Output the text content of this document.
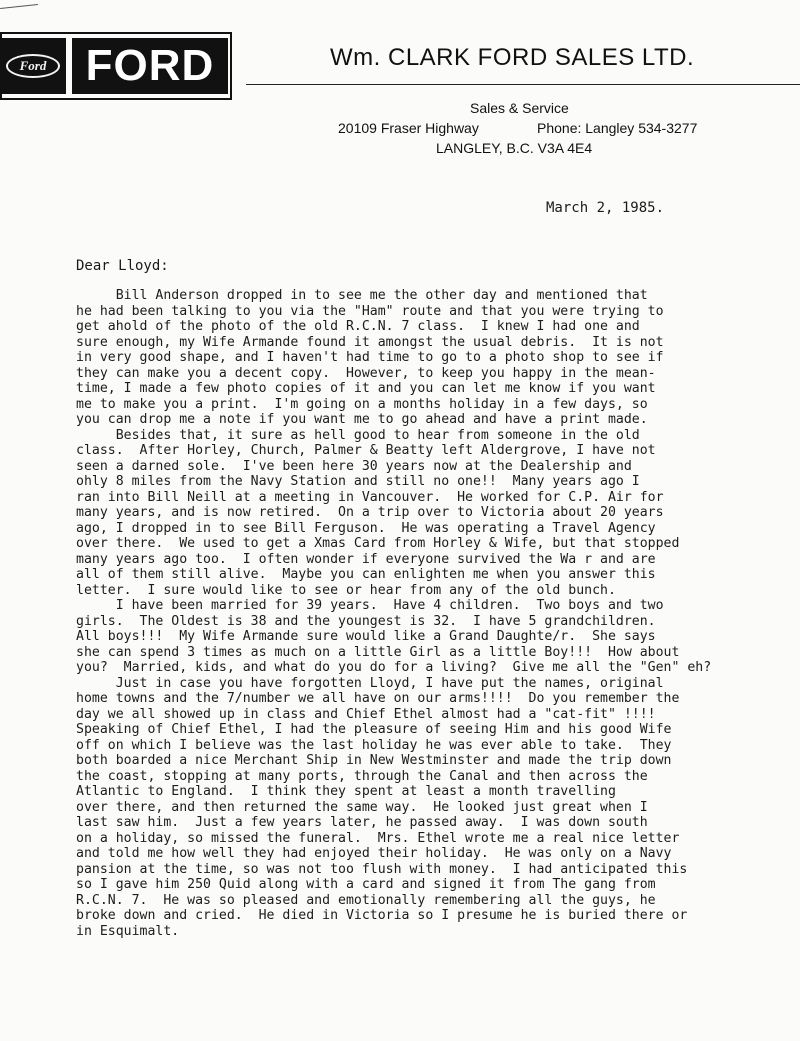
Ford FORD	Wm. CLARK FORD SALES LTD.
Sales & Service
20109 Fraser Highway	Phone: Langley 534-3277
LANGLEY, B.C. V3A 4E4
March 2, 1985.
Dear Lloyd:
Bill Anderson dropped in to see me the other day and mentioned that
he had been talking to you via the "Ham" route and that you were trying to
get ahold of the photo of the old R.C.N. 7 class.  I knew I had one and
sure enough, my Wife Armande found it amongst the usual debris.  It is not
in very good shape, and I haven't had time to go to a photo shop to see if
they can make you a decent copy.  However, to keep you happy in the mean-
time, I made a few photo copies of it and you can let me know if you want
me to make you a print.  I'm going on a months holiday in a few days, so
you can drop me a note if you want me to go ahead and have a print made.
Besides that, it sure as hell good to hear from someone in the old
class.  After Horley, Church, Palmer & Beatty left Aldergrove, I have not
seen a darned sole.  I've been here 30 years now at the Dealership and
ohly 8 miles from the Navy Station and still no one!!  Many years ago I
ran into Bill Neill at a meeting in Vancouver.  He worked for C.P. Air for
many years, and is now retired.  On a trip over to Victoria about 20 years
ago, I dropped in to see Bill Ferguson.  He was operating a Travel Agency
over there.  We used to get a Xmas Card from Horley & Wife, but that stopped
many years ago too.  I often wonder if everyone survived the Wa r and are
all of them still alive.  Maybe you can enlighten me when you answer this
letter.  I sure would like to see or hear from any of the old bunch.
I have been married for 39 years.  Have 4 children.  Two boys and two
girls.  The Oldest is 38 and the youngest is 32.  I have 5 grandchildren.
All boys!!!  My Wife Armande sure would like a Grand Daughte/r.  She says
she can spend 3 times as much on a little Girl as a little Boy!!!  How about
you?  Married, kids, and what do you do for a living?  Give me all the "Gen" eh?
Just in case you have forgotten Lloyd, I have put the names, original
home towns and the 7/number we all have on our arms!!!!  Do you remember the
day we all showed up in class and Chief Ethel almost had a "cat-fit" !!!!
Speaking of Chief Ethel, I had the pleasure of seeing Him and his good Wife
off on which I believe was the last holiday he was ever able to take.  They
both boarded a nice Merchant Ship in New Westminster and made the trip down
the coast, stopping at many ports, through the Canal and then across the
Atlantic to England.  I think they spent at least a month travelling
over there, and then returned the same way.  He looked just great when I
last saw him.  Just a few years later, he passed away.  I was down south
on a holiday, so missed the funeral.  Mrs. Ethel wrote me a real nice letter
and told me how well they had enjoyed their holiday.  He was only on a Navy
pansion at the time, so was not too flush with money.  I had anticipated this
so I gave him 250 Quid along with a card and signed it from The gang from
R.C.N. 7.  He was so pleased and emotionally remembering all the guys, he
broke down and cried.  He died in Victoria so I presume he is buried there or
in Esquimalt.
